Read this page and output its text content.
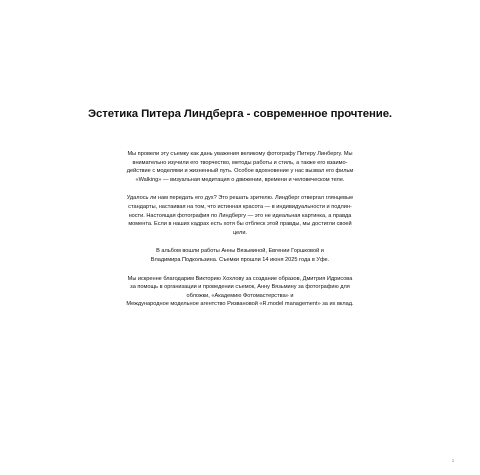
Эстетика Питера Линдберга - современное прочтение.

Мы провели эту съемку как дань уважения великому фотографу Питеру Линбергу. Мы
внимательно изучили его творчество, методы работы и стиль, а также его взаимо-
действие с моделями и жизненный путь. Особое вдохновение у нас вызвал его фильм
«Walking» — визуальная медитация о движении, времени и человеческом теле.

Удалось ли нам передать его дух? Это решать зрителю. Линдберг отвергал глянцевые
стандарты, настаивая на том, что истинная красота — в индивидуальности и подлин-
ности. Настоящая фотография по Линдбергу — это не идеальная картинка, а правда
момента. Если в наших кадрах есть хотя бы отблеск этой правды, мы достигли своей
цели.

В альбом вошли работы Анны Вязьминой, Евгении Горшковой и
Владимира Подкользина. Съемки прошли 14 июня 2025 года в Уфе.

Мы искренне благодарим Викторию Хохлову за создание образов, Дмитрия Идрисова
за помощь в организации и проведении съемок, Анну Вязьмину за фотографию для
обложки, «Академию Фотомастерства» и
Международное модельное агентство Ризвановой «R.model management» за их вклад.

1
